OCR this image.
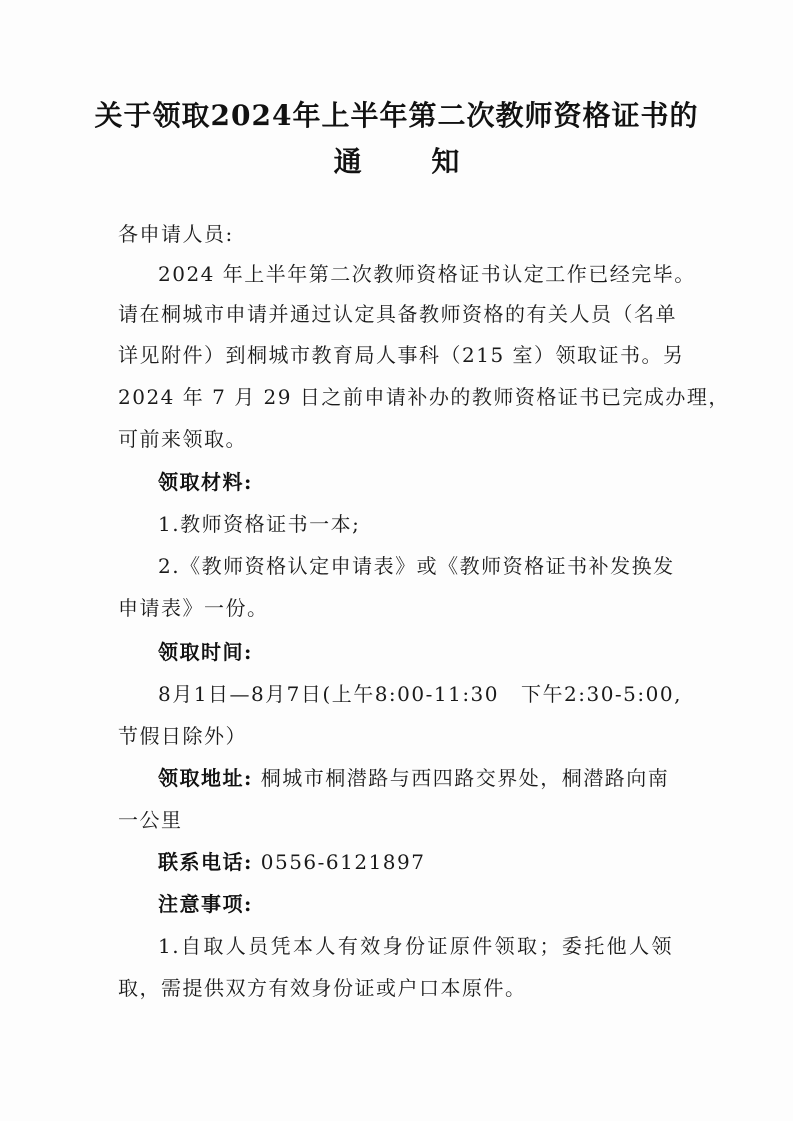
关于领取2024年上半年第二次教师资格证书的
通 知
各申请人员:
2024 年上半年第二次教师资格证书认定工作已经完毕。
请在桐城市申请并通过认定具备教师资格的有关人员（名单
详见附件）到桐城市教育局人事科（215 室）领取证书。另
2024 年 7 月 29 日之前申请补办的教师资格证书已完成办理，
可前来领取。
领取材料:
1.教师资格证书一本;
2.《教师资格认定申请表》或《教师资格证书补发换发
申请表》一份。
领取时间:
8月1日—8月7日(上午8:00-11:30 下午2:30-5:00,
节假日除外）
领取地址: 桐城市桐潜路与西四路交界处，桐潜路向南
一公里
联系电话: 0556-6121897
注意事项:
1.自取人员凭本人有效身份证原件领取；委托他人领
取，需提供双方有效身份证或户口本原件。
